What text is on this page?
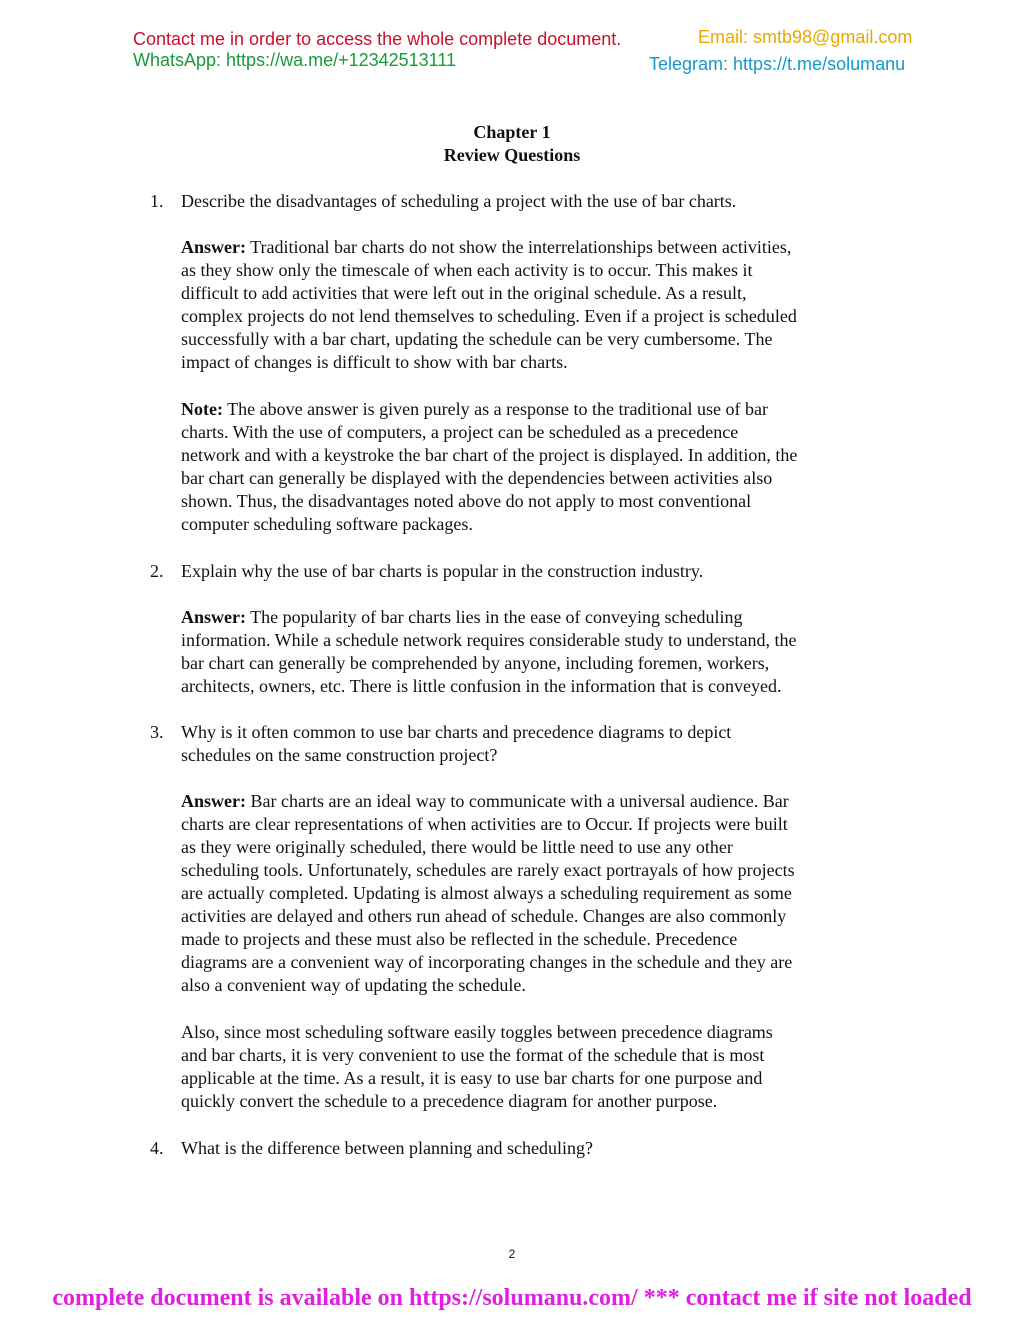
Contact me in order to access the whole complete document.
WhatsApp: https://wa.me/+12342513111
Email: smtb98@gmail.com
Telegram: https://t.me/solumanu
Chapter 1
Review Questions
1. Describe the disadvantages of scheduling a project with the use of bar charts.
Answer: Traditional bar charts do not show the interrelationships between activities,
as they show only the timescale of when each activity is to occur. This makes it
difficult to add activities that were left out in the original schedule. As a result,
complex projects do not lend themselves to scheduling. Even if a project is scheduled
successfully with a bar chart, updating the schedule can be very cumbersome. The
impact of changes is difficult to show with bar charts.
Note: The above answer is given purely as a response to the traditional use of bar
charts. With the use of computers, a project can be scheduled as a precedence
network and with a keystroke the bar chart of the project is displayed. In addition, the
bar chart can generally be displayed with the dependencies between activities also
shown. Thus, the disadvantages noted above do not apply to most conventional
computer scheduling software packages.
2. Explain why the use of bar charts is popular in the construction industry.
Answer: The popularity of bar charts lies in the ease of conveying scheduling
information. While a schedule network requires considerable study to understand, the
bar chart can generally be comprehended by anyone, including foremen, workers,
architects, owners, etc. There is little confusion in the information that is conveyed.
3. Why is it often common to use bar charts and precedence diagrams to depict
schedules on the same construction project?
Answer: Bar charts are an ideal way to communicate with a universal audience. Bar
charts are clear representations of when activities are to Occur. If projects were built
as they were originally scheduled, there would be little need to use any other
scheduling tools. Unfortunately, schedules are rarely exact portrayals of how projects
are actually completed. Updating is almost always a scheduling requirement as some
activities are delayed and others run ahead of schedule. Changes are also commonly
made to projects and these must also be reflected in the schedule. Precedence
diagrams are a convenient way of incorporating changes in the schedule and they are
also a convenient way of updating the schedule.
Also, since most scheduling software easily toggles between precedence diagrams
and bar charts, it is very convenient to use the format of the schedule that is most
applicable at the time. As a result, it is easy to use bar charts for one purpose and
quickly convert the schedule to a precedence diagram for another purpose.
4. What is the difference between planning and scheduling?
2
complete document is available on https://solumanu.com/ *** contact me if site not loaded
